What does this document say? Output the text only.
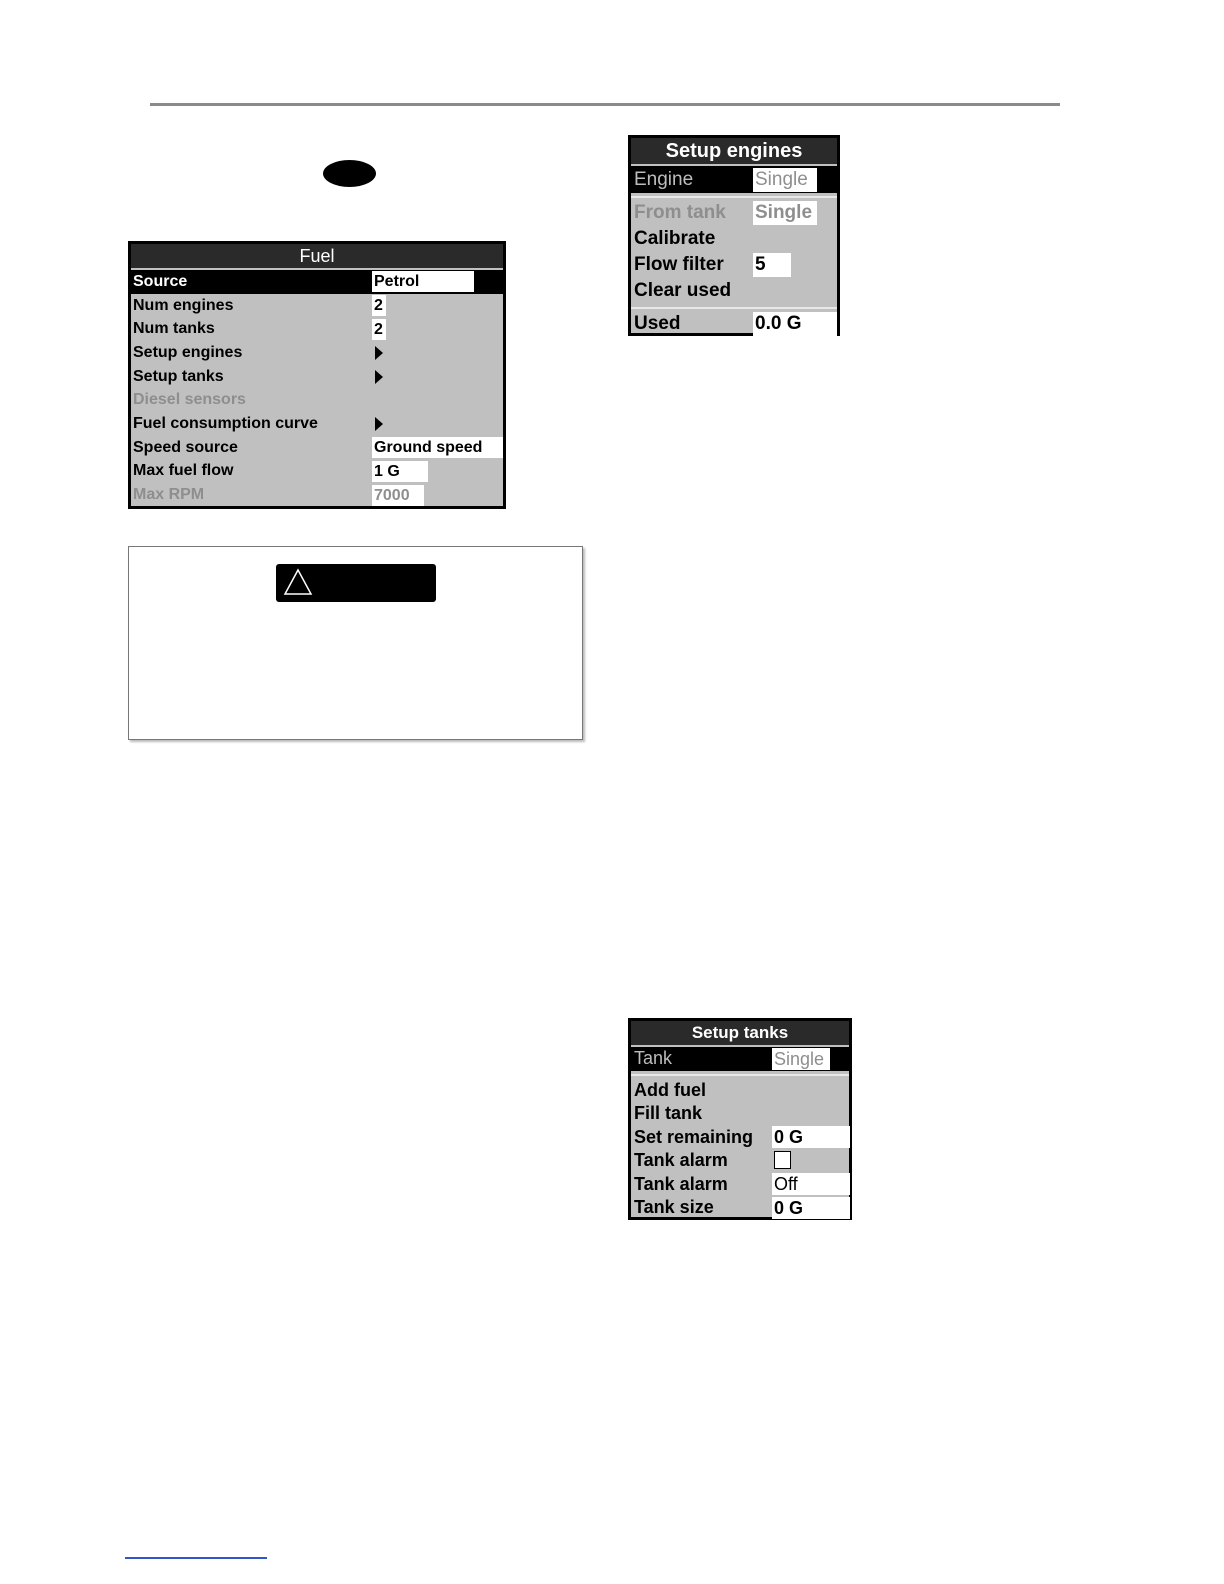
Fuel
Source	Petrol
Num engines	2
Num tanks	2
Setup engines
Setup tanks
Diesel sensors
Fuel consumption curve
Speed source	Ground speed
Max fuel flow	1 G
Max RPM	7000
Setup engines
Engine	Single
From tank Single
Calibrate
Flow filter 5
Clear used
Used	0.0 G
Setup tanks
Tank	Single
Add fuel
Fill tank
Set remaining 0 G
Tank alarm
Tank alarm	Off
Tank size	0 G
